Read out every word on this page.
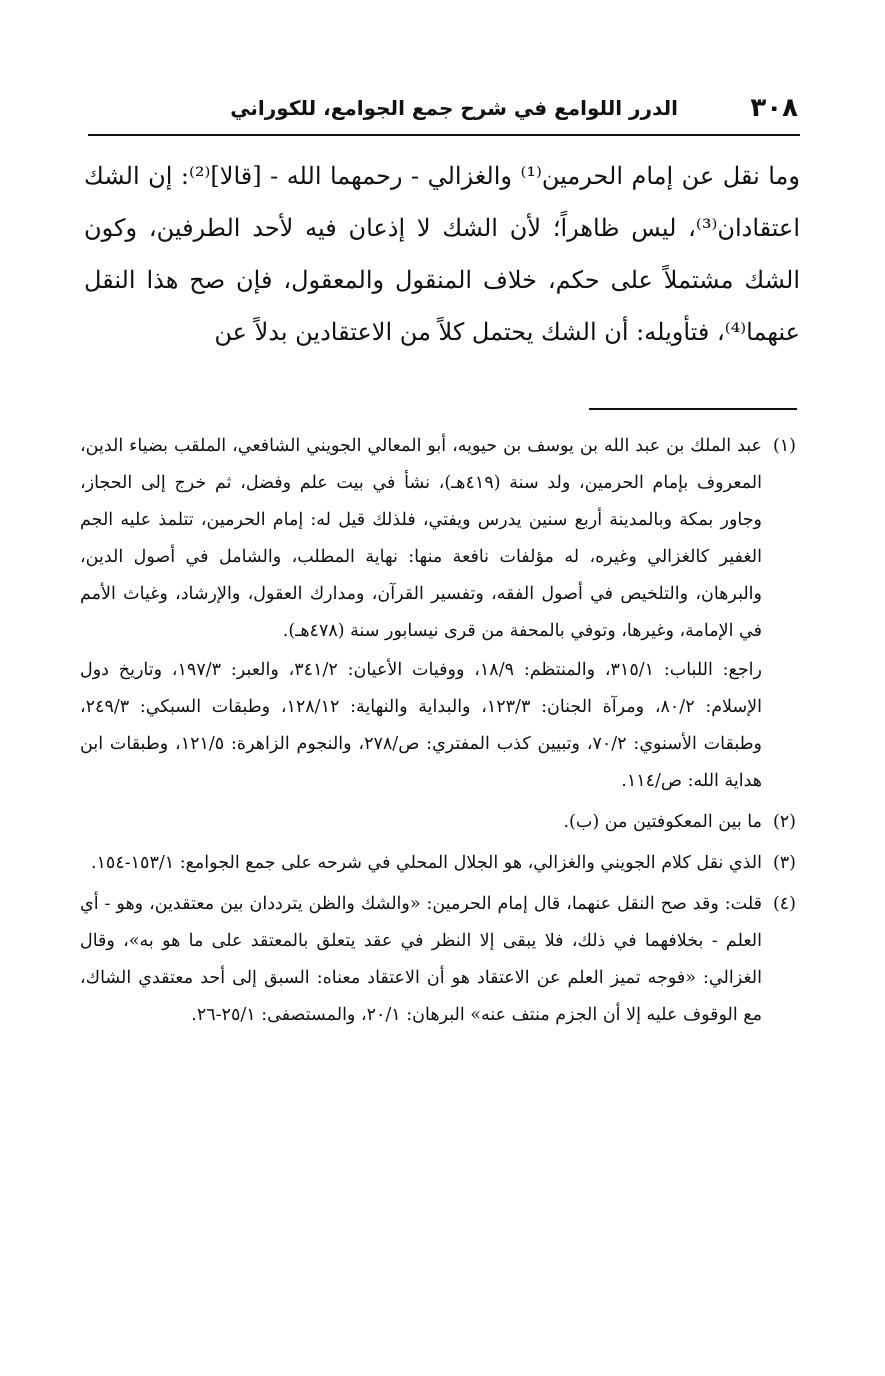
٣٠٨
الدرر اللوامع في شرح جمع الجوامع، للكوراني

وما نقل عن إمام الحرمين⁽¹⁾ والغزالي - رحمهما الله - [قالا]⁽²⁾: إن الشك اعتقادان⁽³⁾، ليس ظاهراً؛ لأن الشك لا إذعان فيه لأحد الطرفين، وكون الشك مشتملاً على حكم، خلاف المنقول والمعقول، فإن صح هذا النقل عنهما⁽⁴⁾، فتأويله: أن الشك يحتمل كلاً من الاعتقادين بدلاً عن

(١)

عبد الملك بن عبد الله بن يوسف بن حيويه، أبو المعالي الجويني الشافعي، الملقب بضياء الدين، المعروف بإمام الحرمين، ولد سنة (٤١٩هـ)، نشأ في بيت علم وفضل، ثم خرج إلى الحجاز، وجاور بمكة وبالمدينة أربع سنين يدرس ويفتي، فلذلك قيل له: إمام الحرمين، تتلمذ عليه الجم الغفير كالغزالي وغيره، له مؤلفات نافعة منها: نهاية المطلب، والشامل في أصول الدين، والبرهان، والتلخيص في أصول الفقه، وتفسير القرآن، ومدارك العقول، والإرشاد، وغياث الأمم في الإمامة، وغيرها، وتوفي بالمحفة من قرى نيسابور سنة (٤٧٨هـ).

راجع: اللباب: ٣١٥/١، والمنتظم: ١٨/٩، ووفيات الأعيان: ٣٤١/٢، والعبر: ١٩٧/٣، وتاريخ دول الإسلام: ٨٠/٢، ومرآة الجنان: ١٢٣/٣، والبداية والنهاية: ١٢٨/١٢، وطبقات السبكي: ٢٤٩/٣، وطبقات الأسنوي: ٧٠/٢، وتبيين كذب المفتري: ص/٢٧٨، والنجوم الزاهرة: ١٢١/٥، وطبقات ابن هداية الله: ص/١١٤.

(٢)

ما بين المعكوفتين من (ب).

(٣)

الذي نقل كلام الجويني والغزالي، هو الجلال المحلي في شرحه على جمع الجوامع: ١٥٣/١-١٥٤.

(٤)

قلت: وقد صح النقل عنهما، قال إمام الحرمين: «والشك والظن يترددان بين معتقدين، وهو - أي العلم - بخلافهما في ذلك، فلا يبقى إلا النظر في عقد يتعلق بالمعتقد على ما هو به»، وقال الغزالي: «فوجه تميز العلم عن الاعتقاد هو أن الاعتقاد معناه: السبق إلى أحد معتقدي الشاك، مع الوقوف عليه إلا أن الجزم منتف عنه» البرهان: ٢٠/١، والمستصفى: ٢٥/١-٢٦.
